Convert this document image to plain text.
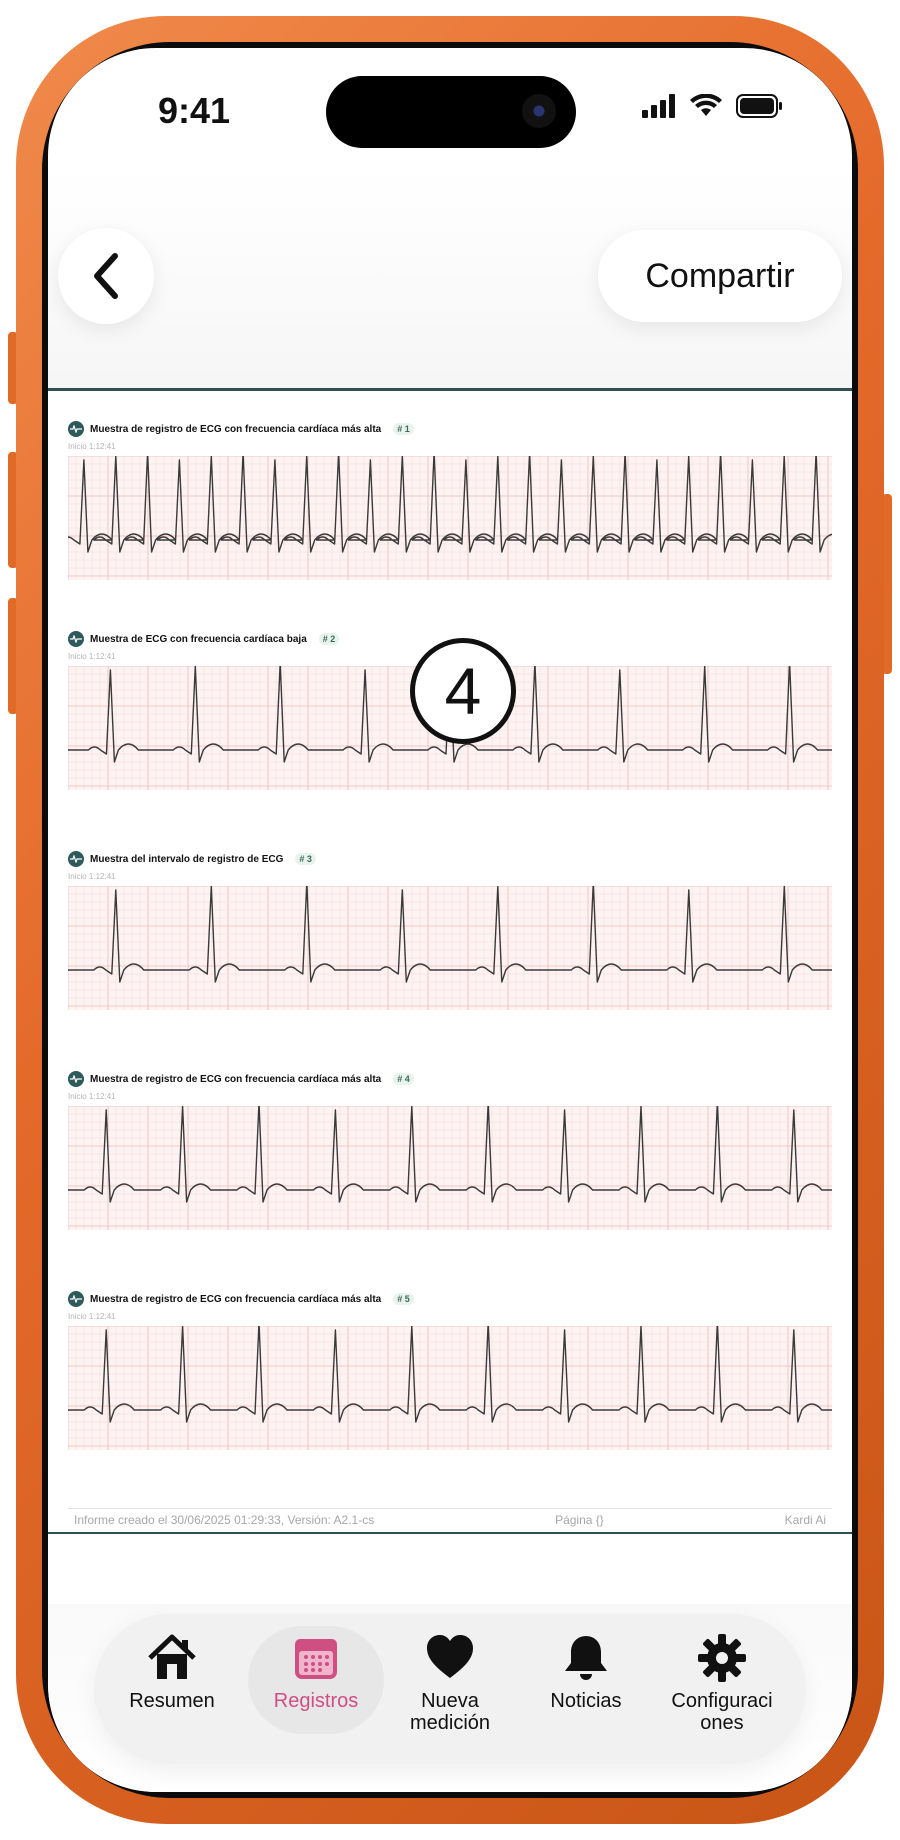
9:41
Compartir
Muestra de registro de ECG con frecuencia cardíaca más alta	# 1
Inicio 1:12:41
Muestra de ECG con frecuencia cardíaca baja	# 2
Inicio 1:12:41
Muestra del intervalo de registro de ECG	# 3
Inicio 1:12:41
Muestra de registro de ECG con frecuencia cardíaca más alta	# 4
Inicio 1:12:41
Muestra de registro de ECG con frecuencia cardíaca más alta	# 5
Inicio 1:12:41
Informe creado el 30/06/2025 01:29:33, Versión: A2.1-cs	Página {}	Kardi Ai
4
Resumen	Registros	Nueva
medición
Noticias Configuraci
ones
